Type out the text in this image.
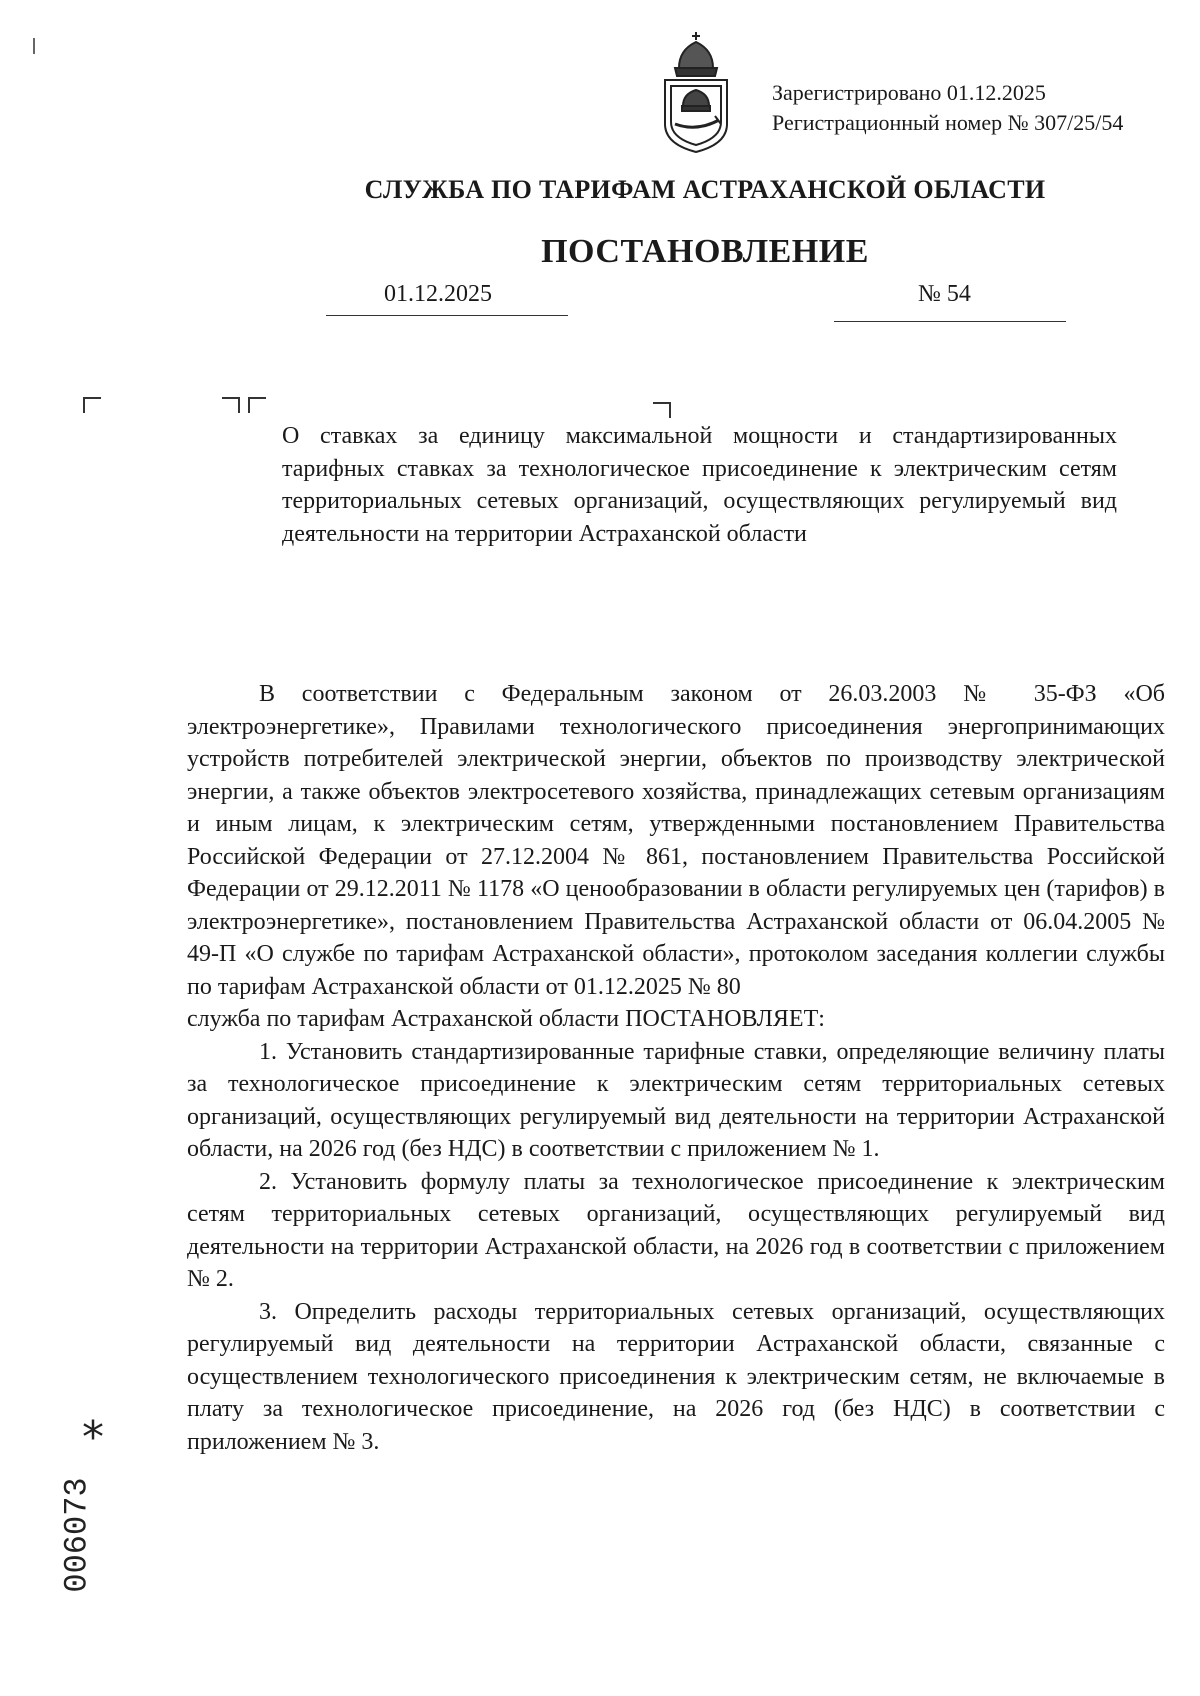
Зарегистрировано 01.12.2025
Регистрационный номер № 307/25/54
СЛУЖБА ПО ТАРИФАМ АСТРАХАНСКОЙ ОБЛАСТИ
ПОСТАНОВЛЕНИЕ
01.12.2025	№ 54
О ставках за единицу максимальной мощности и стандартизированных тарифных ставках за технологическое присоединение к электрическим сетям территориальных сетевых организаций, осуществляющих регулируемый вид деятельности на территории Астраханской области

В соответствии с Федеральным законом от 26.03.2003 № 35-ФЗ «Об электроэнергетике», Правилами технологического присоединения энергопринимающих устройств потребителей электрической энергии, объектов по производству электрической энергии, а также объектов электросетевого хозяйства, принадлежащих сетевым организациям и иным лицам, к электрическим сетям, утвержденными постановлением Правительства Российской Федерации от 27.12.2004 № 861, постановлением Правительства Российской Федерации от 29.12.2011 № 1178 «О ценообразовании в области регулируемых цен (тарифов) в электроэнергетике», постановлением Правительства Астраханской области от 06.04.2005 № 49-П «О службе по тарифам Астраханской области», протоколом заседания коллегии службы по тарифам Астраханской области от 01.12.2025 № 80

служба по тарифам Астраханской области ПОСТАНОВЛЯЕТ:

1. Установить стандартизированные тарифные ставки, определяющие величину платы за технологическое присоединение к электрическим сетям территориальных сетевых организаций, осуществляющих регулируемый вид деятельности на территории Астраханской области, на 2026 год (без НДС) в соответствии с приложением № 1.

2. Установить формулу платы за технологическое присоединение к электрическим сетям территориальных сетевых организаций, осуществляющих регулируемый вид деятельности на территории Астраханской области, на 2026 год в соответствии с приложением № 2.

3. Определить расходы территориальных сетевых организаций, осуществляющих регулируемый вид деятельности на территории Астраханской области, связанные с осуществлением технологического присоединения к электрическим сетям, не включаемые в плату за технологическое присоединение, на 2026 год (без НДС) в соответствии с приложением № 3.

*
006073
